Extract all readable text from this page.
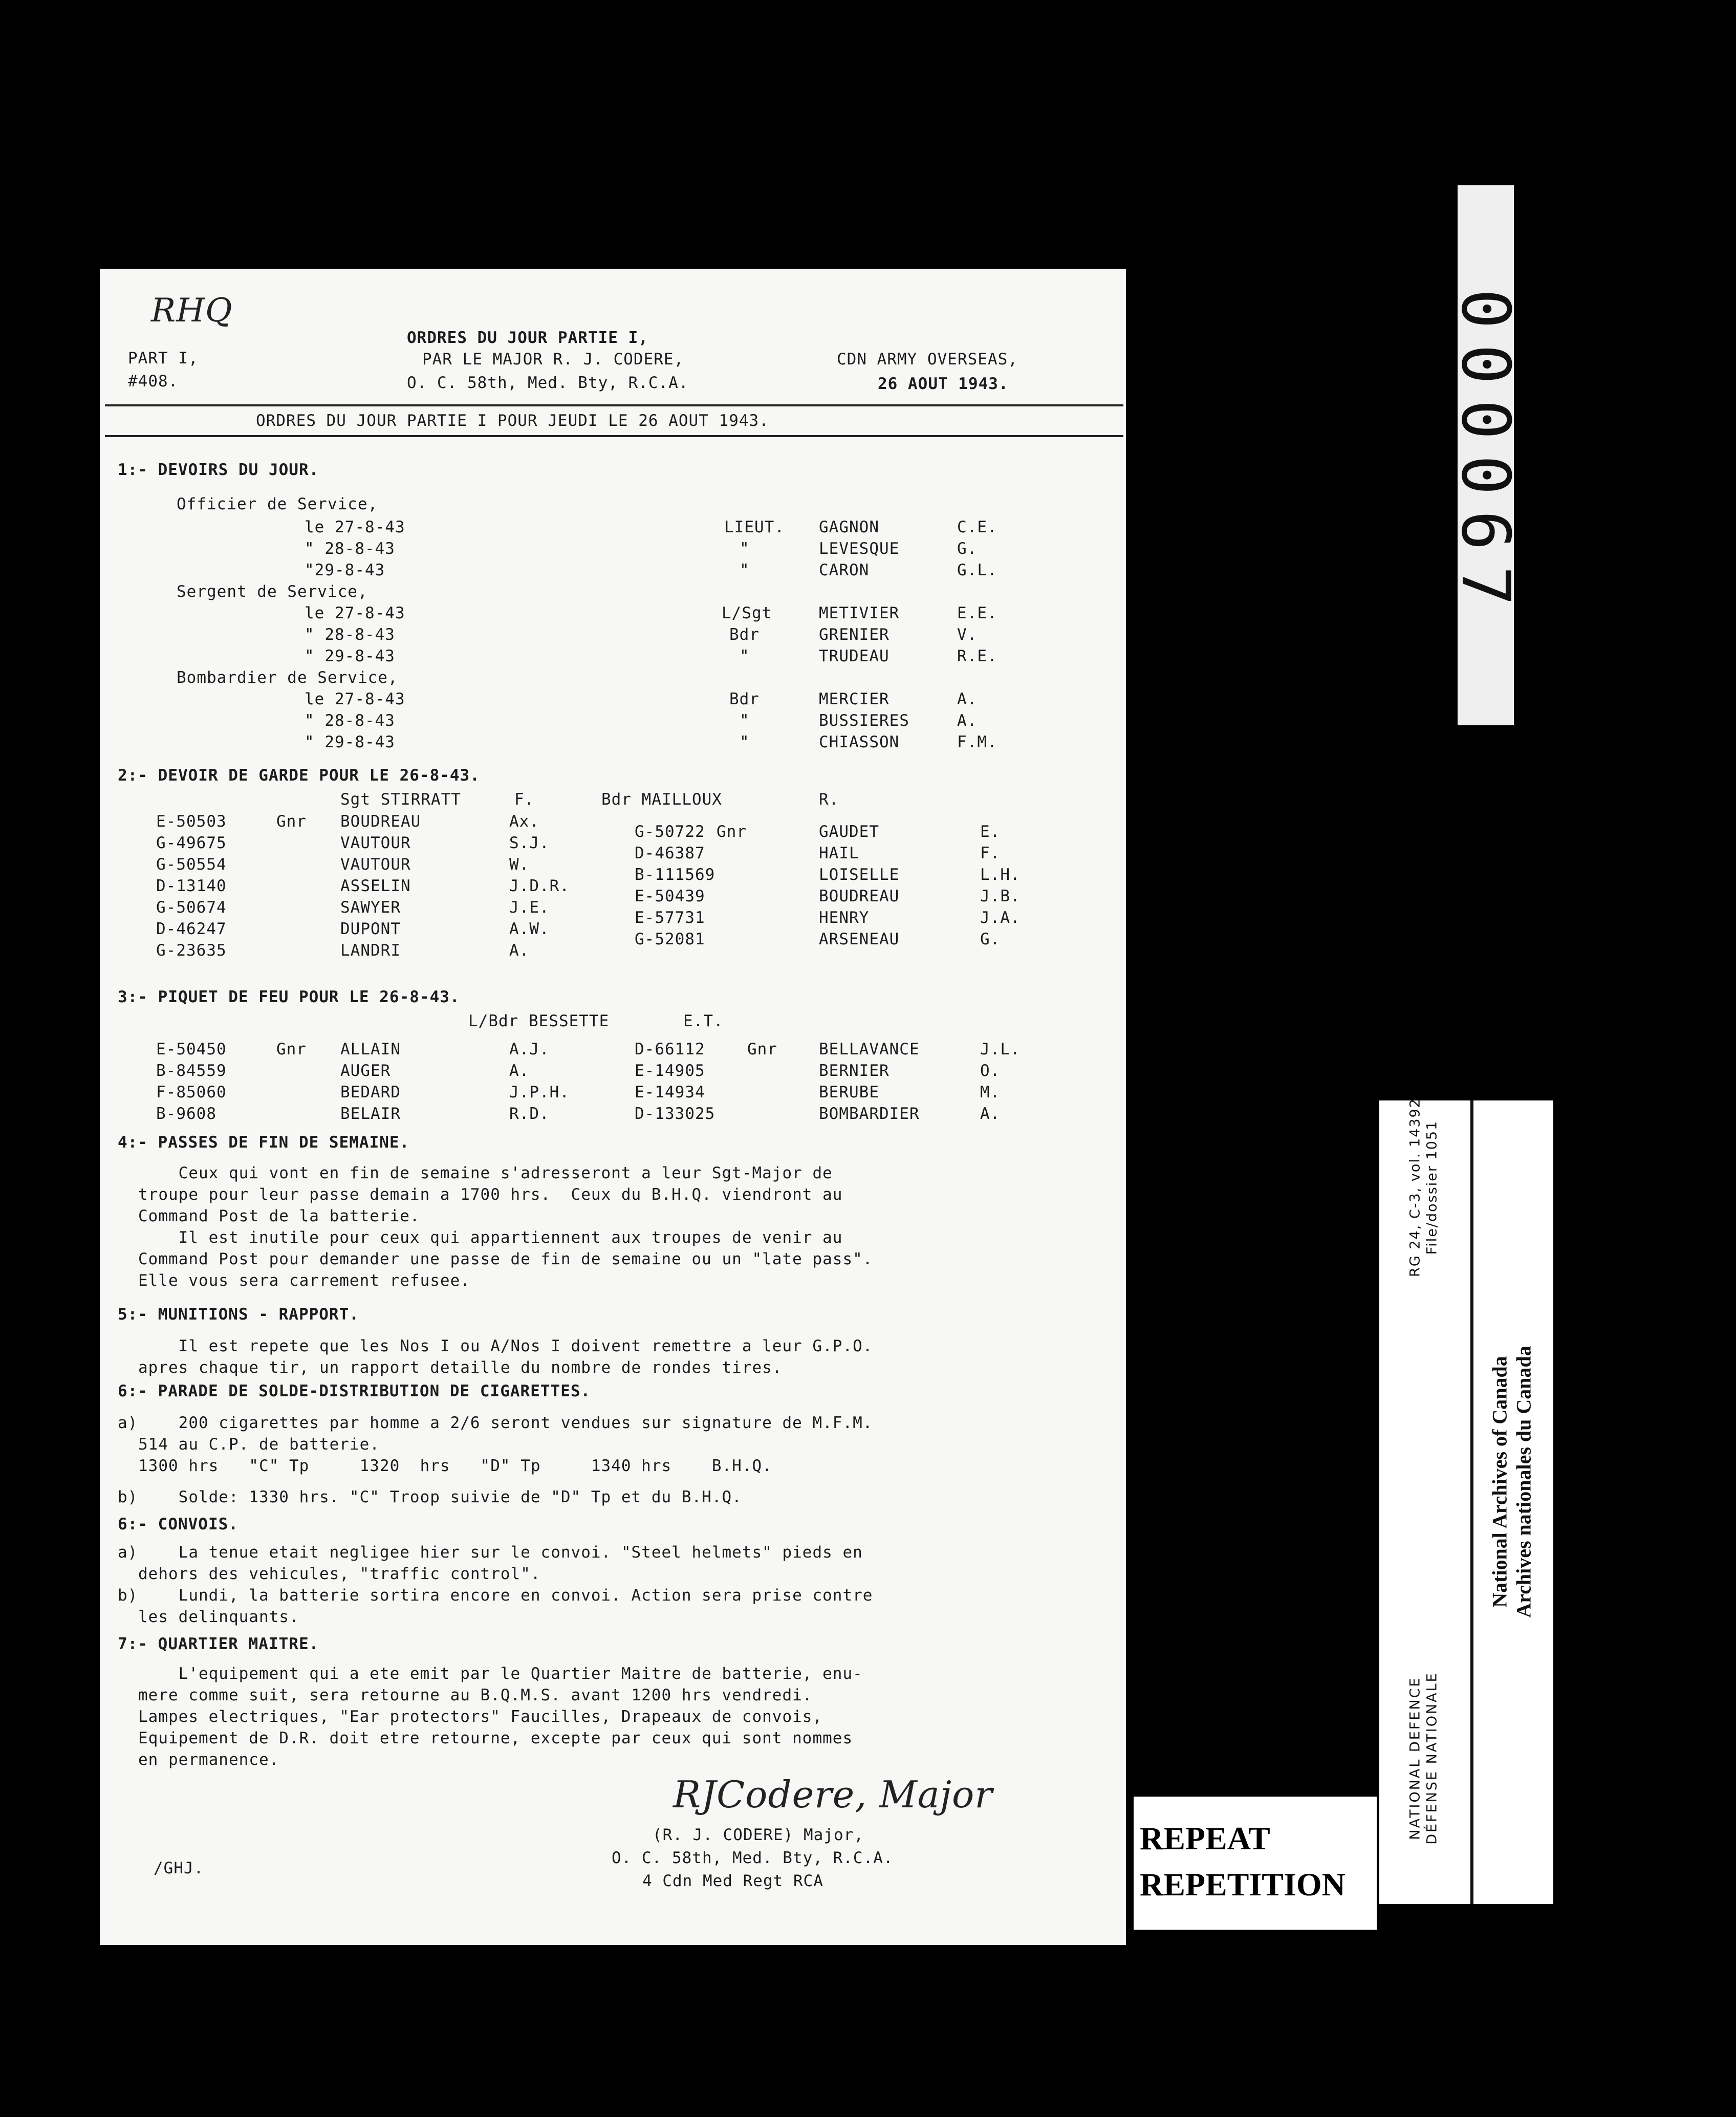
RHQ
PART I,
#408.
ORDRES DU JOUR PARTIE I,
PAR LE MAJOR R. J. CODERE,	CDN ARMY OVERSEAS,
O. C. 58th, Med. Bty, R.C.A.	26 AOUT 1943.
ORDRES DU JOUR PARTIE I POUR JEUDI LE 26 AOUT 1943.
1:- DEVOIRS DU JOUR.
Officier de Service,
le 27-8-43	LIEUT. GAGNON	C.E.
" 28-8-43	"	LEVESQUE	G.
"29-8-43	"	CARON	G.L.
Sergent de Service,
le 27-8-43	L/Sgt	METIVIER	E.E.
" 28-8-43	Bdr	GRENIER	V.
" 29-8-43	"	TRUDEAU	R.E.
Bombardier de Service,
le 27-8-43	Bdr	MERCIER	A.
" 28-8-43	"	BUSSIERES	A.
" 29-8-43	"	CHIASSON	F.M.
2:- DEVOIR DE GARDE POUR LE 26-8-43.
Sgt STIRRATT	F.	Bdr MAILLOUX	R.
E-50503	Gnr BOUDREAU	Ax.
G-49675	VAUTOUR	S.J.
G-50554	VAUTOUR	W.
D-13140	ASSELIN	J.D.R.
G-50674	SAWYER	J.E.
D-46247	DUPONT	A.W.
G-23635	LANDRI	A.
G-50722 Gnr	GAUDET	E.
D-46387	HAIL	F.
B-111569	LOISELLE	L.H.
E-50439	BOUDREAU	J.B.
E-57731	HENRY	J.A.
G-52081	ARSENEAU	G.
3:- PIQUET DE FEU POUR LE 26-8-43.
L/Bdr BESSETTE	E.T.
E-50450	Gnr ALLAIN	A.J.
B-84559	AUGER	A.
F-85060	BEDARD	J.P.H.
B-9608	BELAIR	R.D.
D-66112	Gnr	BELLAVANCE	J.L.
E-14905	BERNIER	O.
E-14934	BERUBE	M.
D-133025	BOMBARDIER	A.
4:- PASSES DE FIN DE SEMAINE.
Ceux qui vont en fin de semaine s'adresseront a leur Sgt-Major de
troupe pour leur passe demain a 1700 hrs.  Ceux du B.H.Q. viendront au
Command Post de la batterie.
Il est inutile pour ceux qui appartiennent aux troupes de venir au
Command Post pour demander une passe de fin de semaine ou un "late pass".
Elle vous sera carrement refusee.
5:- MUNITIONS - RAPPORT.
Il est repete que les Nos I ou A/Nos I doivent remettre a leur G.P.O.
apres chaque tir, un rapport detaille du nombre de rondes tires.
6:- PARADE DE SOLDE-DISTRIBUTION DE CIGARETTES.
a) 200 cigarettes par homme a 2/6 seront vendues sur signature de M.F.M.
514 au C.P. de batterie.
1300 hrs   "C" Tp     1320  hrs   "D" Tp     1340 hrs    B.H.Q.
b) Solde: 1330 hrs. "C" Troop suivie de "D" Tp et du B.H.Q.
6:- CONVOIS.
a) La tenue etait negligee hier sur le convoi. "Steel helmets" pieds en
dehors des vehicules, "traffic control".
b) Lundi, la batterie sortira encore en convoi. Action sera prise contre
les delinquants.
7:- QUARTIER MAITRE.
L'equipement qui a ete emit par le Quartier Maitre de batterie, enu-
mere comme suit, sera retourne au B.Q.M.S. avant 1200 hrs vendredi.
Lampes electriques, "Ear protectors" Faucilles, Drapeaux de convois,
Equipement de D.R. doit etre retourne, excepte par ceux qui sont nommes
en permanence.
RJCodere, Major
(R. J. CODERE) Major,
O. C. 58th, Med. Bty, R.C.A.
4 Cdn Med Regt RCA
/GHJ.
000067
REPEAT
REPETITION
NATIONAL DEFENCE DÉFENSE NATIONALE
RG 24, C-3, vol. 14392 File/dossier 1051
National Archives of Canada Archives nationales du Canada
